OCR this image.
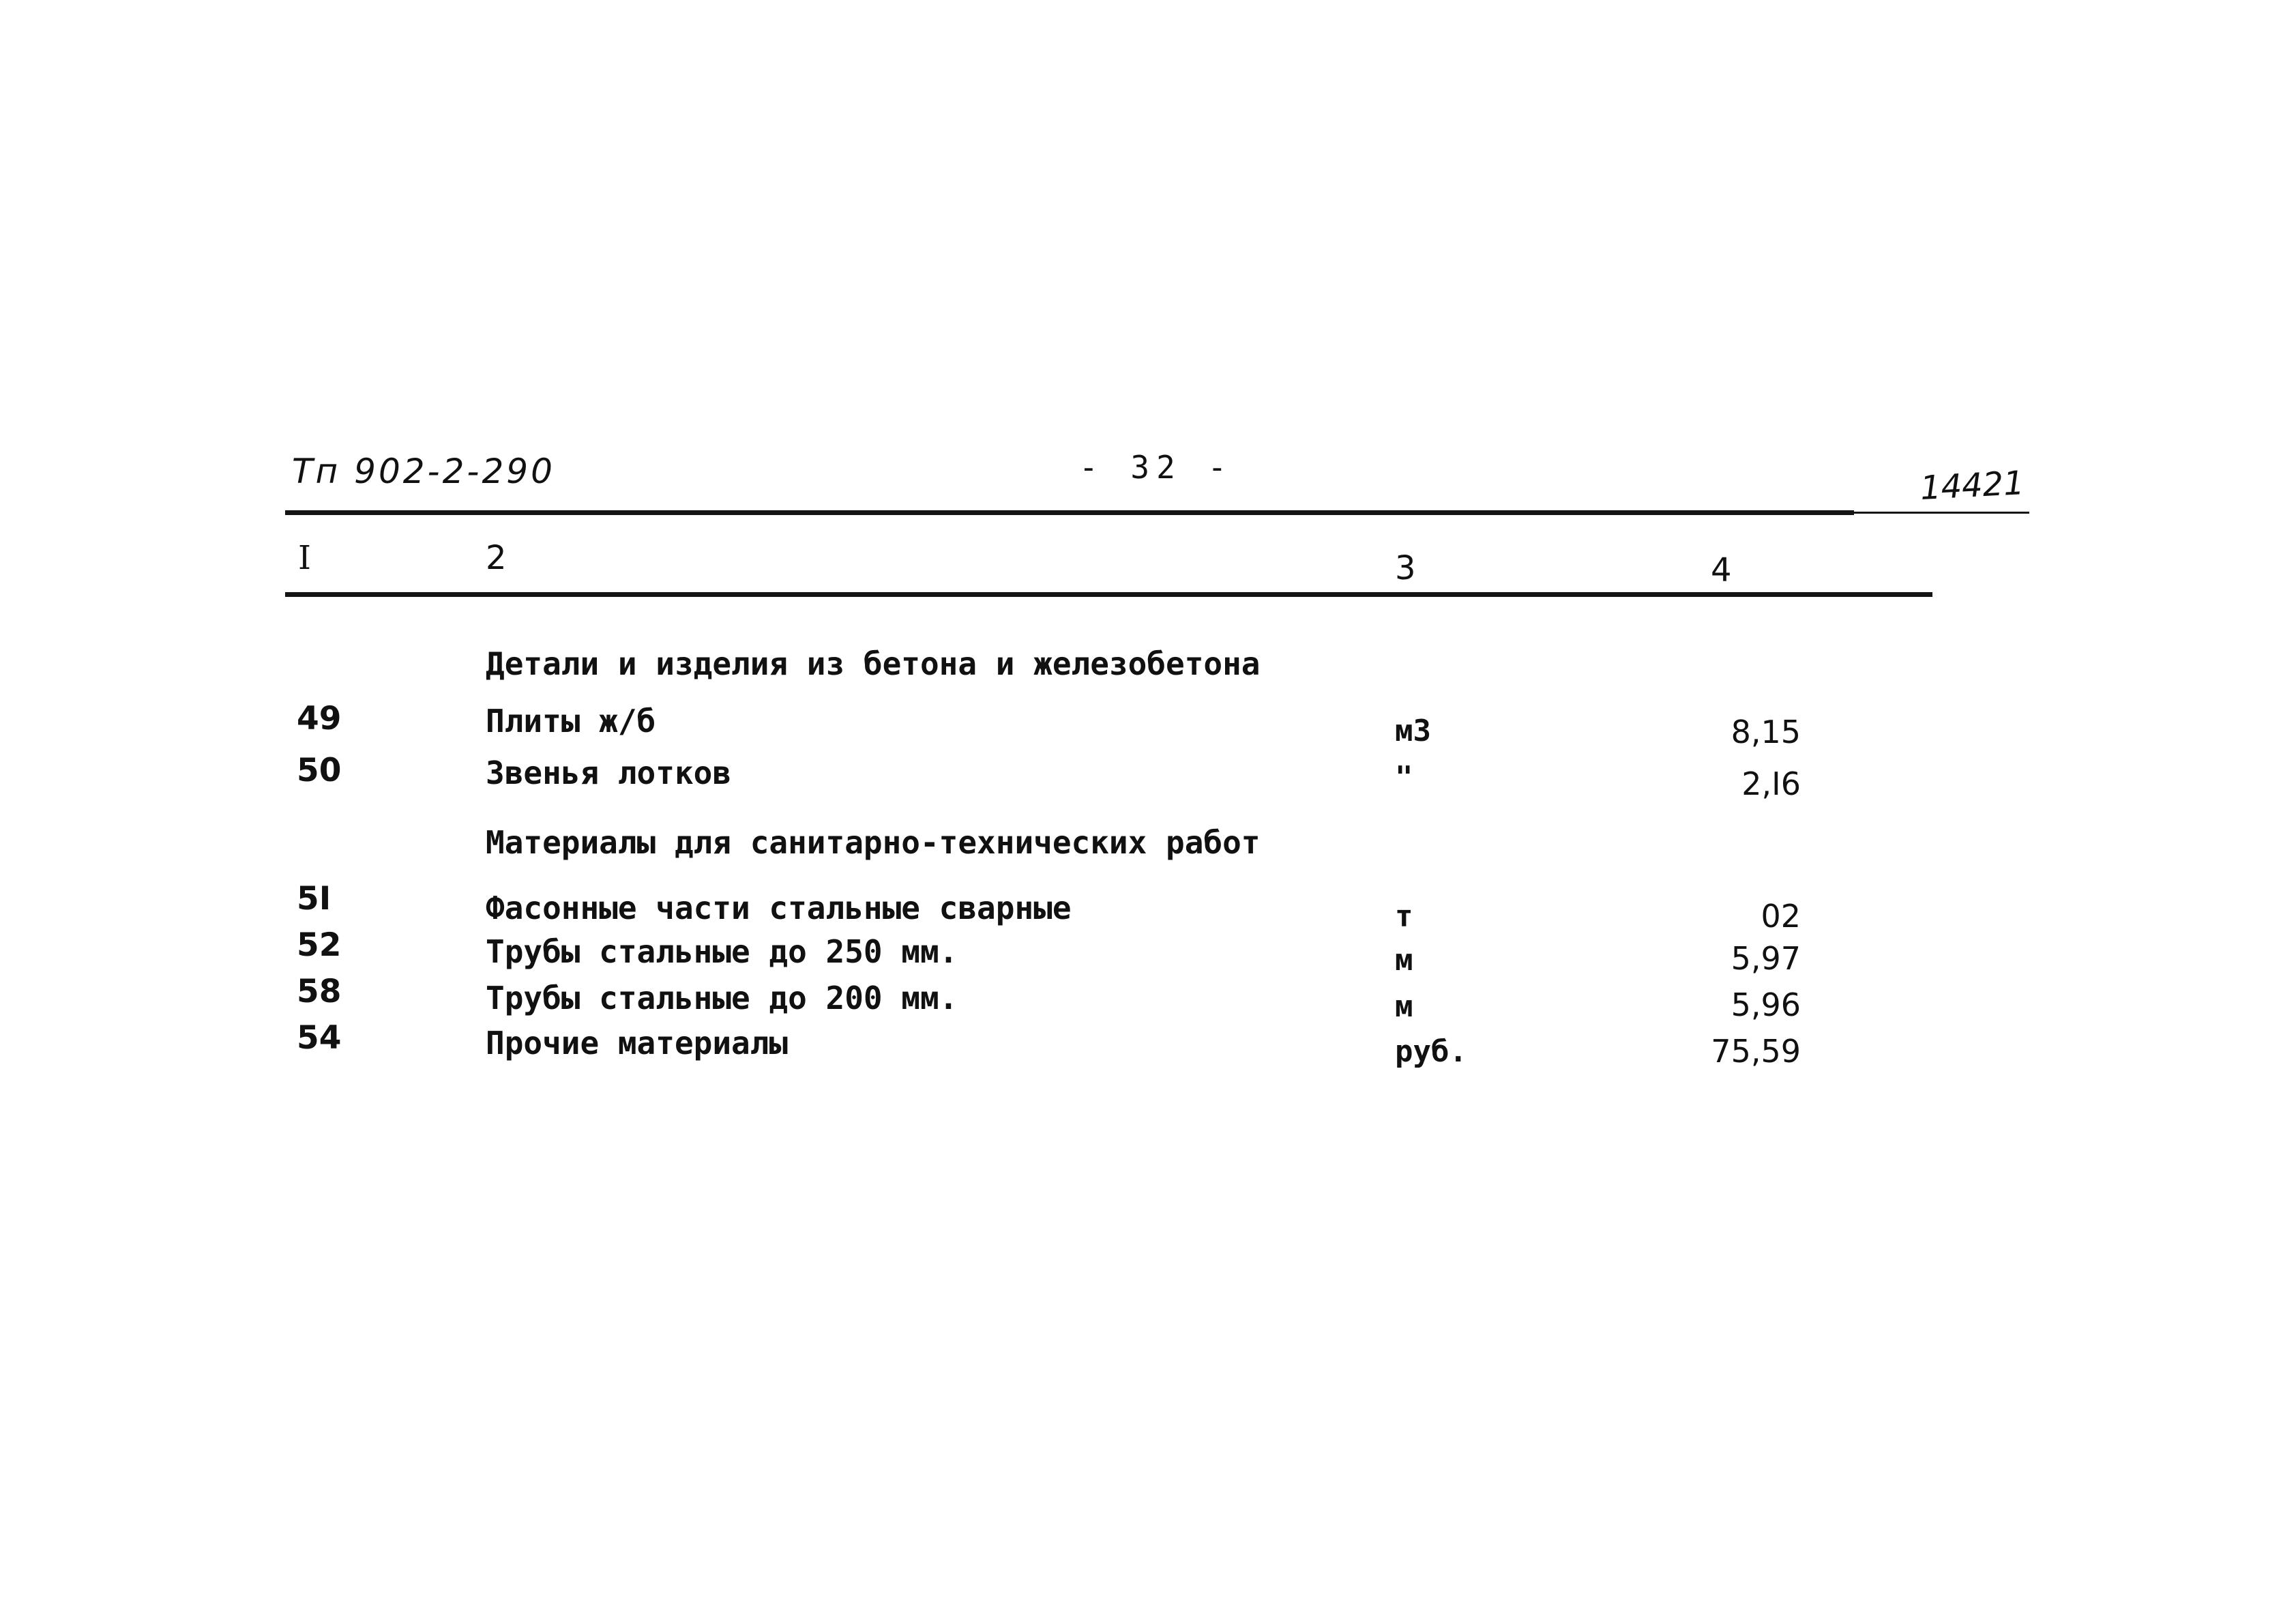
Тп 902-2-290	- 32 -	14421
I	2	3	4
Детали и изделия из бетона и железобетона
49	Плиты ж/б	м3	8,15
50	Звенья лотков	"	2,I6
Материалы для санитарно-технических работ
5I	Фасонные части стальные сварные	т	02
52	Трубы стальные до 250 мм.	м	5,97
58	Трубы стальные до 200 мм.	м	5,96
54	Прочие материалы	руб.	75,59
